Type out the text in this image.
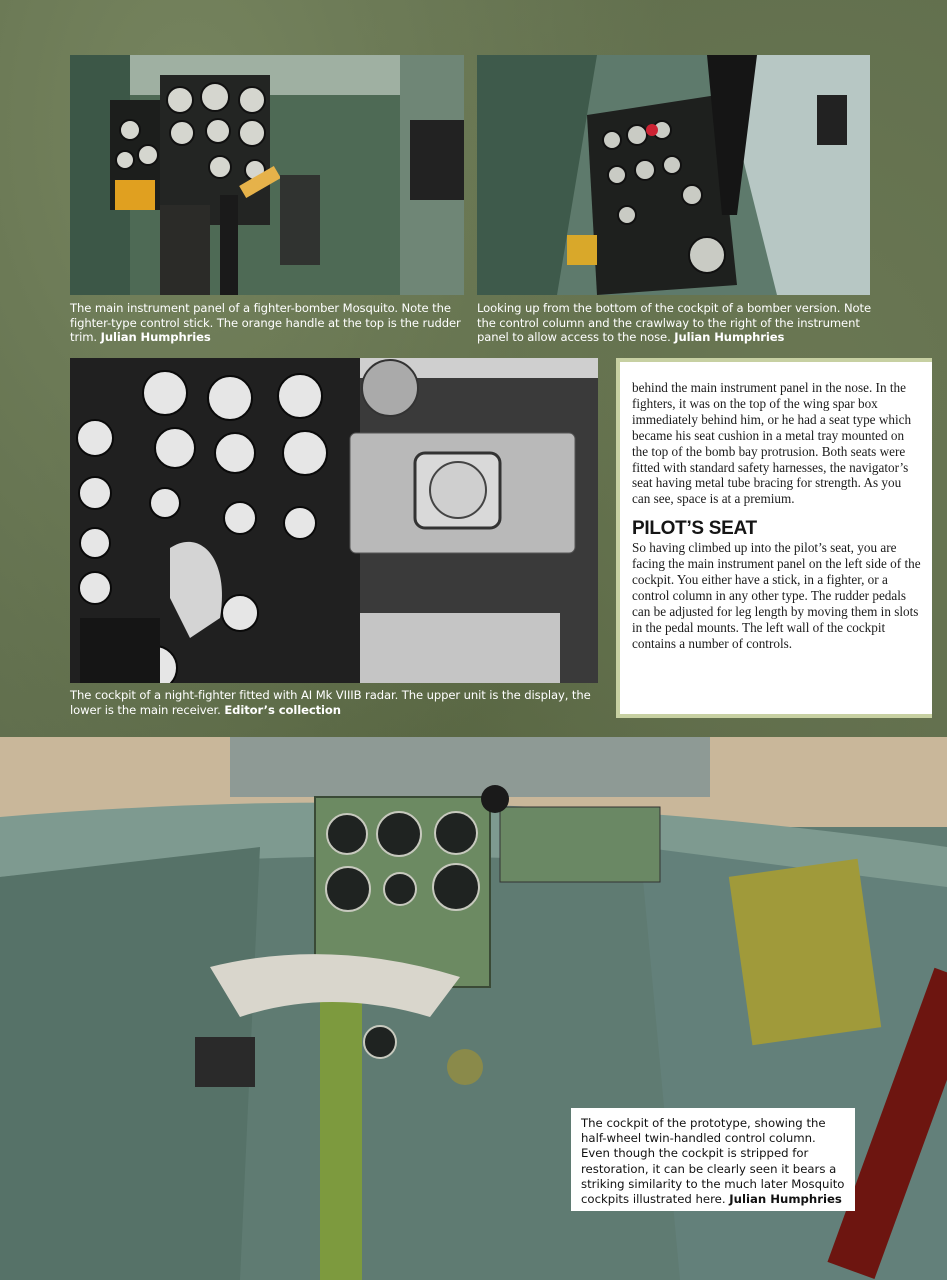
The main instrument panel of a fighter-bomber Mosquito. Note the fighter-type control stick. The orange handle at the top is the rudder trim. Julian Humphries
Looking up from the bottom of the cockpit of a bomber version. Note the control column and the crawlway to the right of the instrument panel to allow access to the nose. Julian Humphries
The cockpit of a night-fighter fitted with AI Mk VIIIB radar. The upper unit is the display, the lower is the main receiver. Editor’s collection

behind the main instrument panel in the nose. In the fighters, it was on the top of the wing spar box immediately behind him, or he had a seat type which became his seat cushion in a metal tray mounted on the top of the bomb bay protrusion. Both seats were fitted with standard safety harnesses, the navigator’s seat having metal tube bracing for strength. As you can see, space is at a premium.

PILOT’S SEAT

So having climbed up into the pilot’s seat, you are facing the main instrument panel on the left side of the cockpit. You either have a stick, in a fighter, or a control column in any other type. The rudder pedals can be adjusted for leg length by moving them in slots in the pedal mounts. The left wall of the cockpit contains a number of controls.

The cockpit of the prototype, showing the half-wheel twin-handled control column. Even though the cockpit is stripped for restoration, it can be clearly seen it bears a striking similarity to the much later Mosquito cockpits illustrated here. Julian Humphries
